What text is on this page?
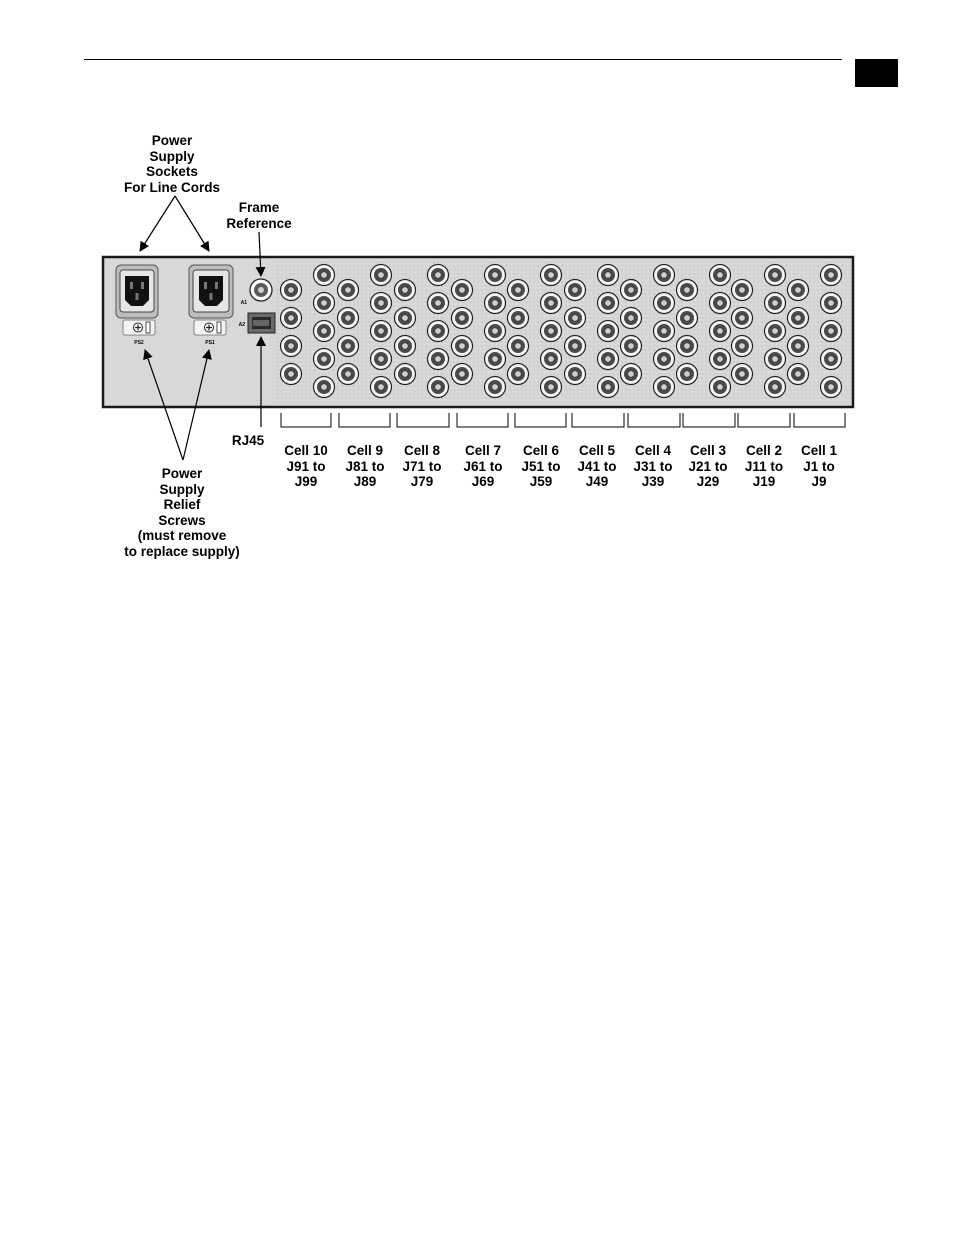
Power
Supply
Sockets
For Line Cords
Frame
Reference
RJ45
Power
Supply
Relief
Screws
(must remove
to replace supply)
Cell 10
J91 to
J99
Cell 9
J81 to
J89
Cell 8
J71 to
J79
Cell 7
J61 to
J69
Cell 6
J51 to
J59
Cell 5
J41 to
J49
Cell 4
J31 to
J39
Cell 3
J21 to
J29
Cell 2
J11 to
J19
Cell 1
J1 to
J9
PS2	PS1
A1
A2
